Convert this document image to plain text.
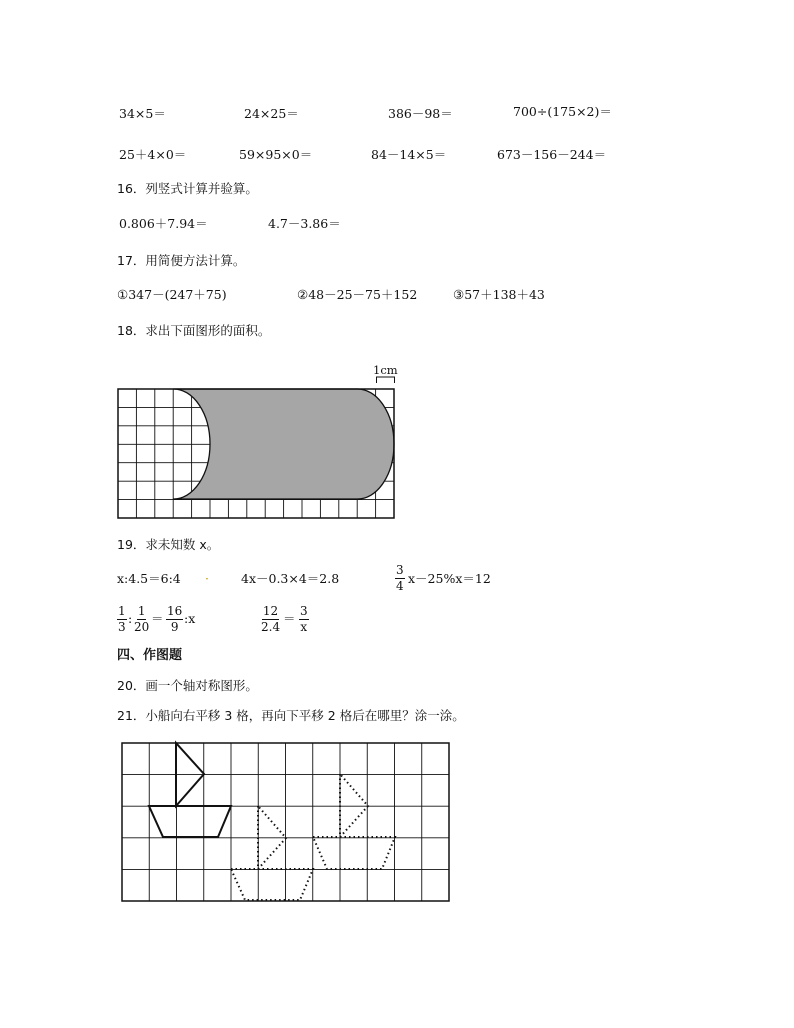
34×5＝	24×25＝	386－98＝	700÷(175×2)＝
25＋4×0＝	59×95×0＝	84－14×5＝	673－156－244＝
16．列竖式计算并验算。
0.806＋7.94＝	4.7－3.86＝
17．用简便方法计算。
①347－(247＋75)	②48－25－75＋152	③57＋138＋43
18．求出下面图形的面积。
1cm
19．求未知数 x。
x:4.5＝6:4 ·	4x－0.3×4＝2.8	$\frac{3}{4} x-25\%x=12$
$\frac{1}{3}$ : $\frac{1}{20} = \frac{16}{9}$ :x	$\frac{12}{2.4} = \frac{3}{x}$
四、作图题
20．画一个轴对称图形。
21．小船向右平移 3 格，再向下平移 2 格后在哪里？涂一涂。
